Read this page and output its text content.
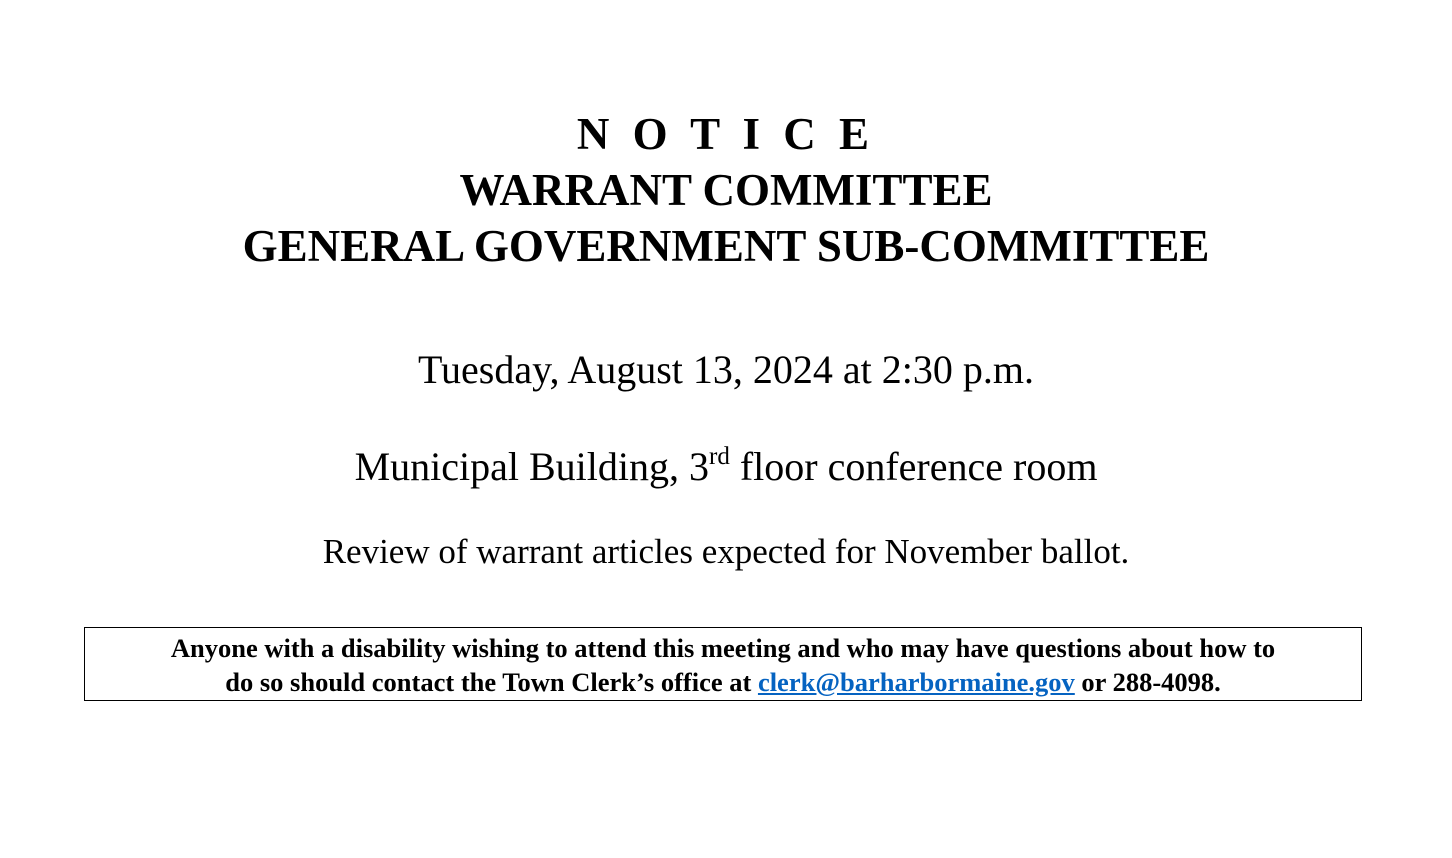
N O T I C E
WARRANT COMMITTEE
GENERAL GOVERNMENT SUB-COMMITTEE
Tuesday, August 13, 2024 at 2:30 p.m.
Municipal Building, 3rd floor conference room
Review of warrant articles expected for November ballot.
Anyone with a disability wishing to attend this meeting and who may have questions about how to
do so should contact the Town Clerk’s office at clerk@barharbormaine.gov or 288-4098.
